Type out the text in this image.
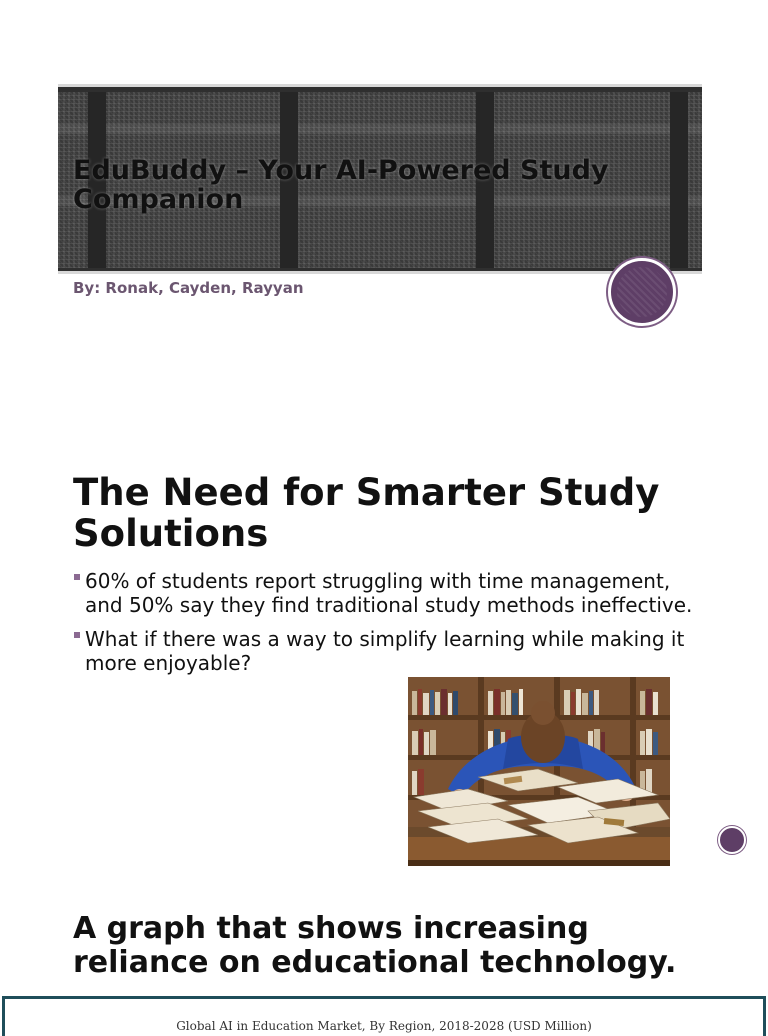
EduBuddy – Your AI-Powered Study Companion

By: Ronak, Cayden, Rayyan

The Need for Smarter Study Solutions
60% of students report struggling with time management, and 50% say they find traditional study methods ineffective.
What if there was a way to simplify learning while making it more enjoyable?
A graph that shows increasing reliance on educational technology.
Global AI in Education Market, By Region, 2018-2028 (USD Million)
